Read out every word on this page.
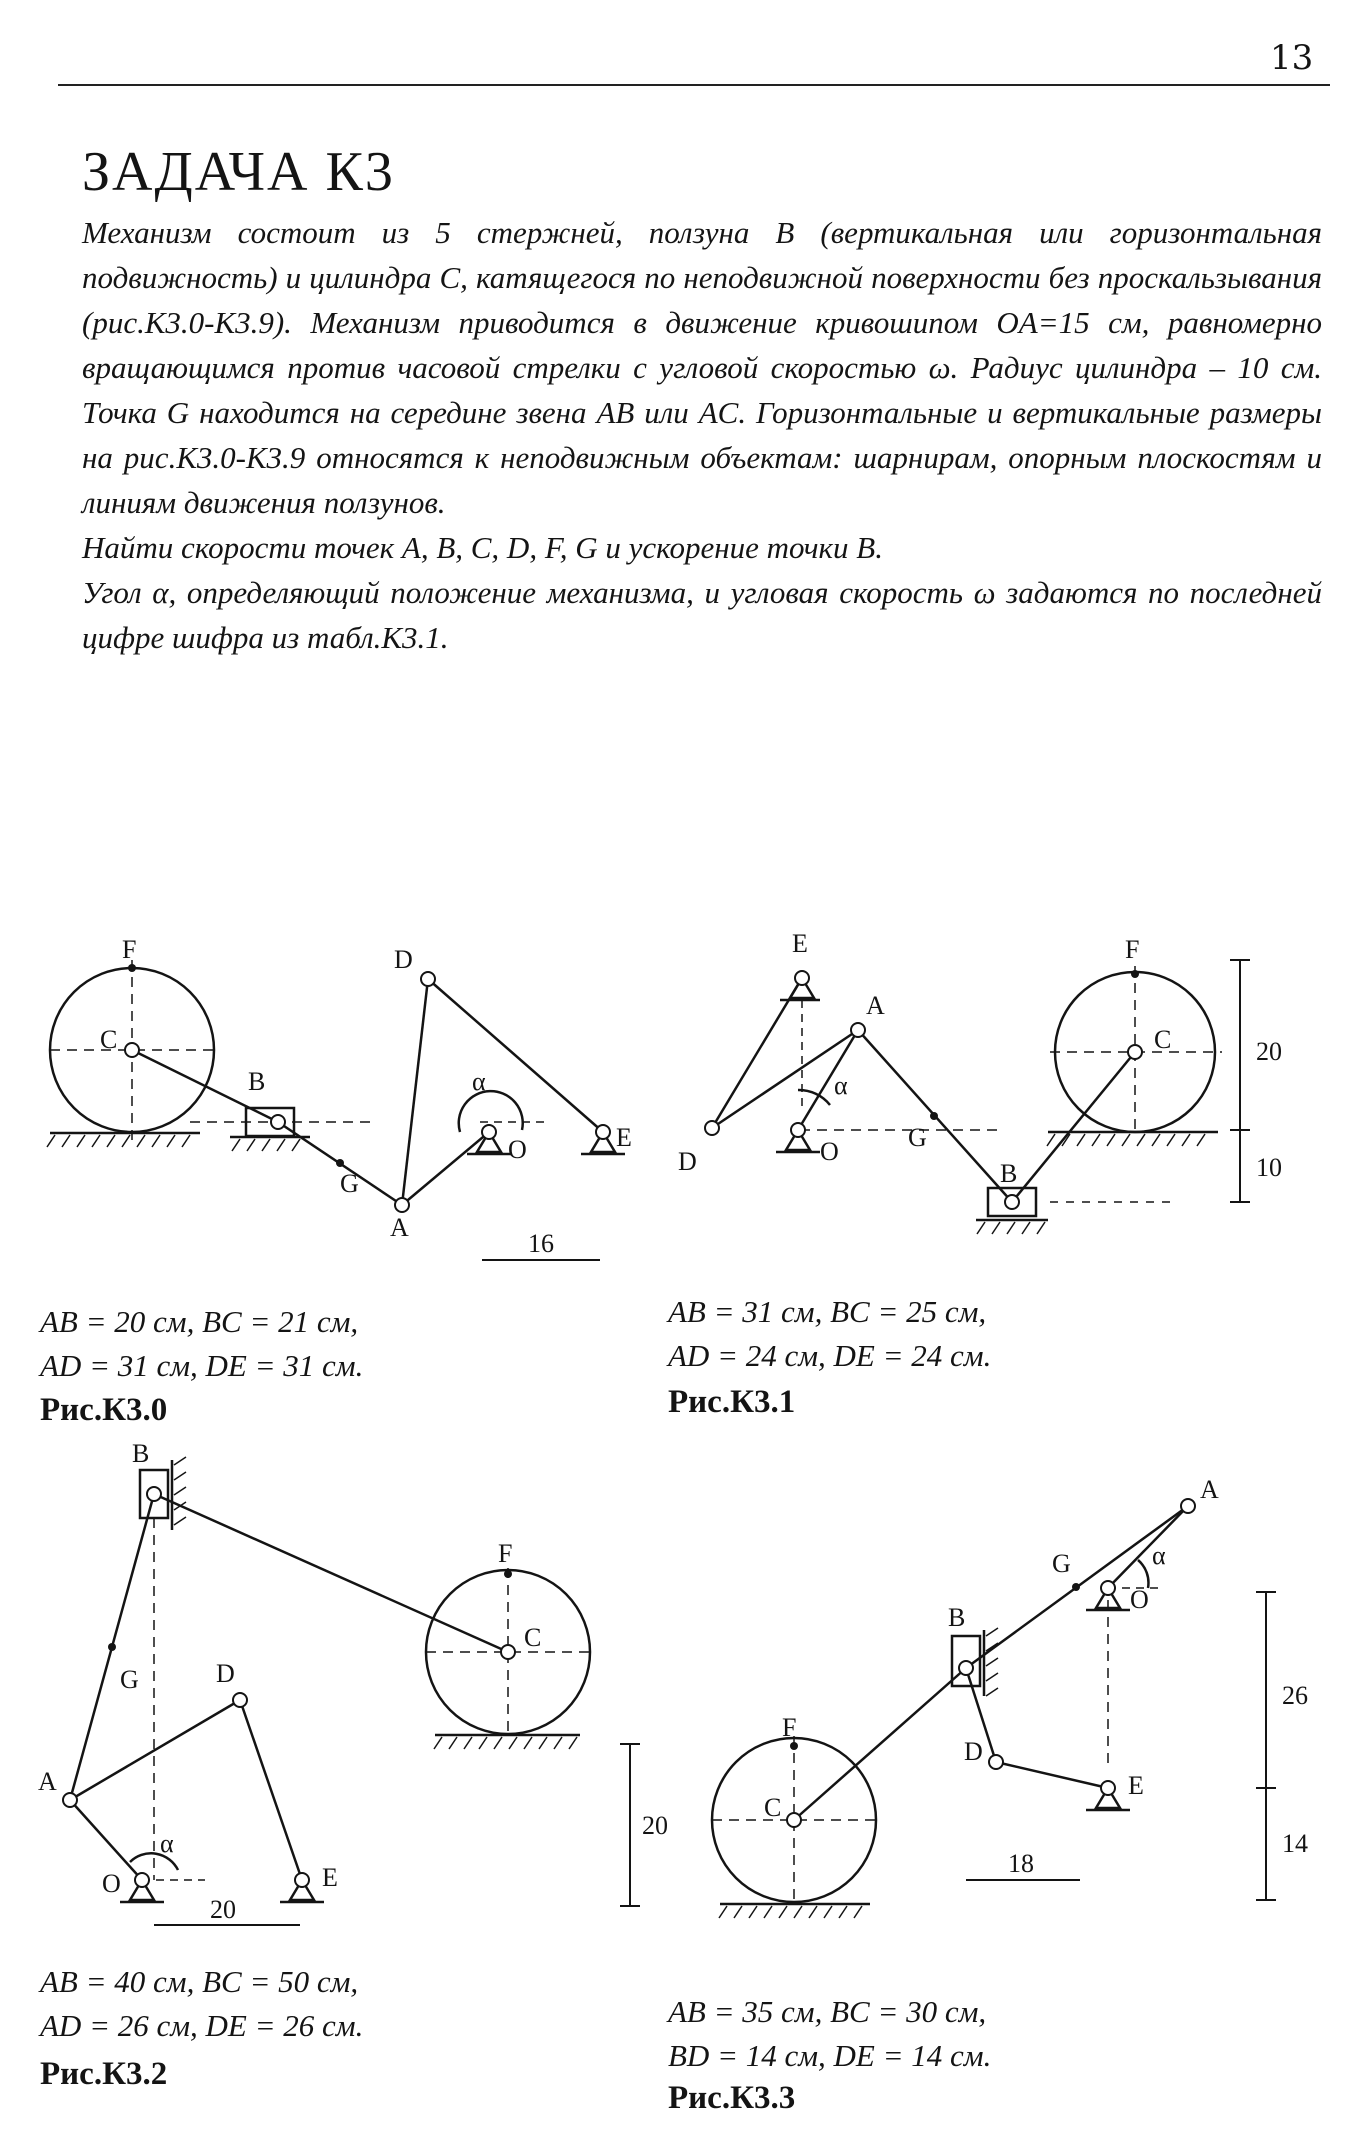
13
ЗАДАЧА К3

Механизм состоит из 5 стержней, ползуна B (вертикальная или горизонтальная подвижность) и цилиндра C, катящегося по неподвижной поверхности без проскальзывания (рис.К3.0-К3.9). Механизм приводится в движение кривошипом OA=15 см, равномерно вращающимся против часовой стрелки с угловой скоростью ω. Радиус цилиндра – 10 см. Точка G находится на середине звена AB или AC. Горизонтальные и вертикальные размеры на рис.К3.0-К3.9 относятся к неподвижным объектам: шарнирам, опорным плоскостям и линиям движения ползунов.

Найти скорости точек A, B, C, D, F, G и ускорение точки B.

Угол α, определяющий положение механизма, и угловая скорость ω задаются по последней цифре шифра из табл.К3.1.

F
C
B
G
A
D
O	E
α
16
AB = 20 см, BC = 21 см,
AD = 31 см, DE = 31 см.
Рис.К3.0
E
A
D	O	G
B
F
C
α
20
10
AB = 31 см, BC = 25 см,
AD = 24 см, DE = 24 см.
Рис.К3.1
B
G	D
A
O	E
F
C
α
20
20
AB = 40 см, BC = 50 см,
AD = 26 см, DE = 26 см.
Рис.К3.2
A
G
O
B
F
C
D
E
α
26
14
18
AB = 35 см, BC = 30 см,
BD = 14 см, DE = 14 см.
Рис.К3.3
